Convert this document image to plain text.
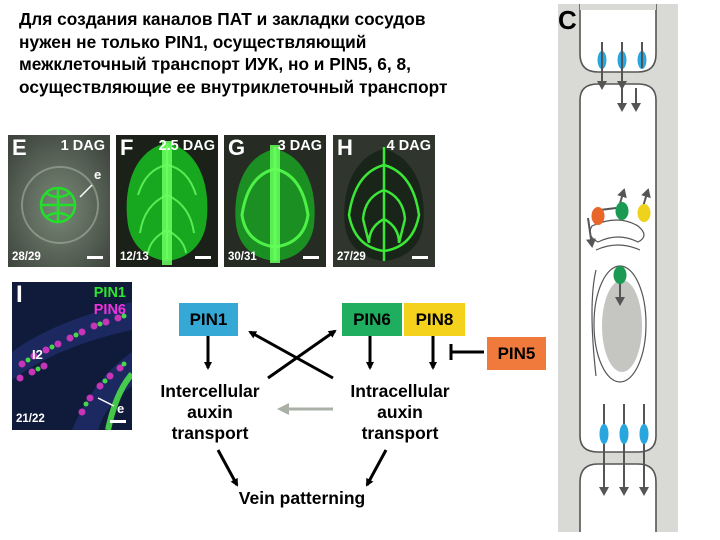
Для создания каналов ПАТ и закладки сосудов
нужен не только PIN1, осуществляющий
межклеточный транспорт ИУК, но и PIN5, 6, 8,
осуществляющие ее внутриклеточный транспорт
E 1 DAG
e
28/29
F 2.5 DAG
12/13
G 3 DAG
30/31
H 4 DAG
27/29
I	PIN1
PIN6
I2
e
21/22
PIN1	PIN6	PIN8
PIN5
Intercellular
auxin
transport
Intracellular
auxin
transport
Vein patterning
C
